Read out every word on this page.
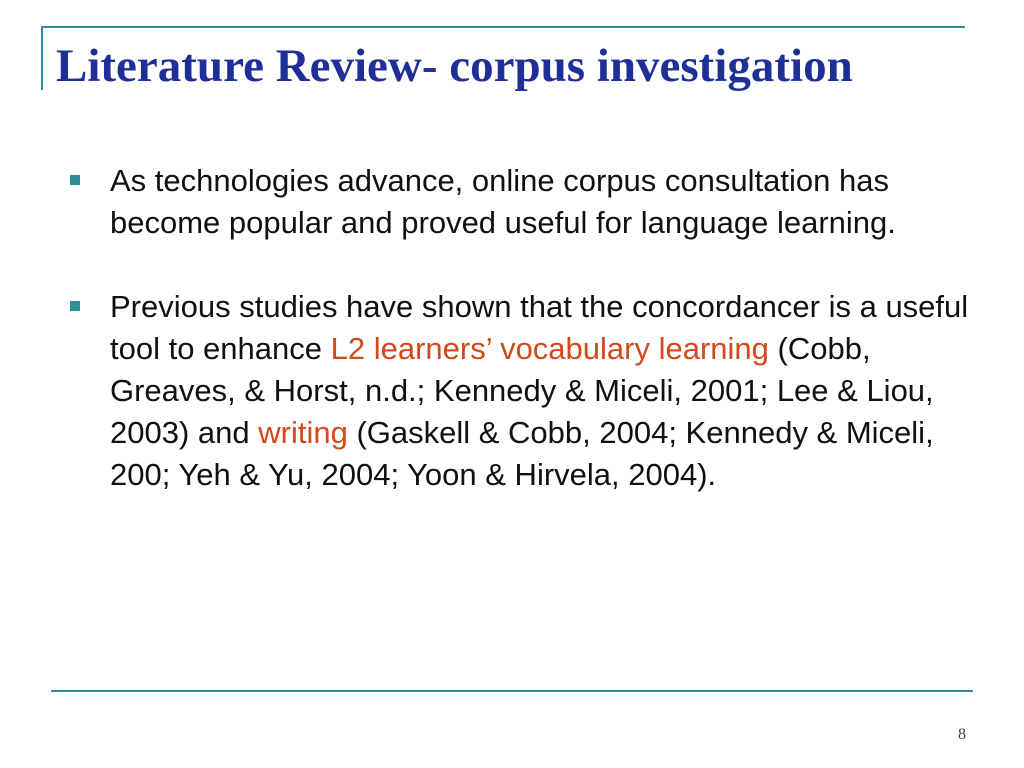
Literature Review- corpus investigation
As technologies advance, online corpus consultation has become popular and proved useful for language learning.
Previous studies have shown that the concordancer is a useful tool to enhance L2 learners’ vocabulary learning (Cobb, Greaves, & Horst, n.d.; Kennedy & Miceli, 2001; Lee & Liou, 2003) and writing (Gaskell & Cobb, 2004; Kennedy & Miceli, 200; Yeh & Yu, 2004; Yoon & Hirvela, 2004).
8
